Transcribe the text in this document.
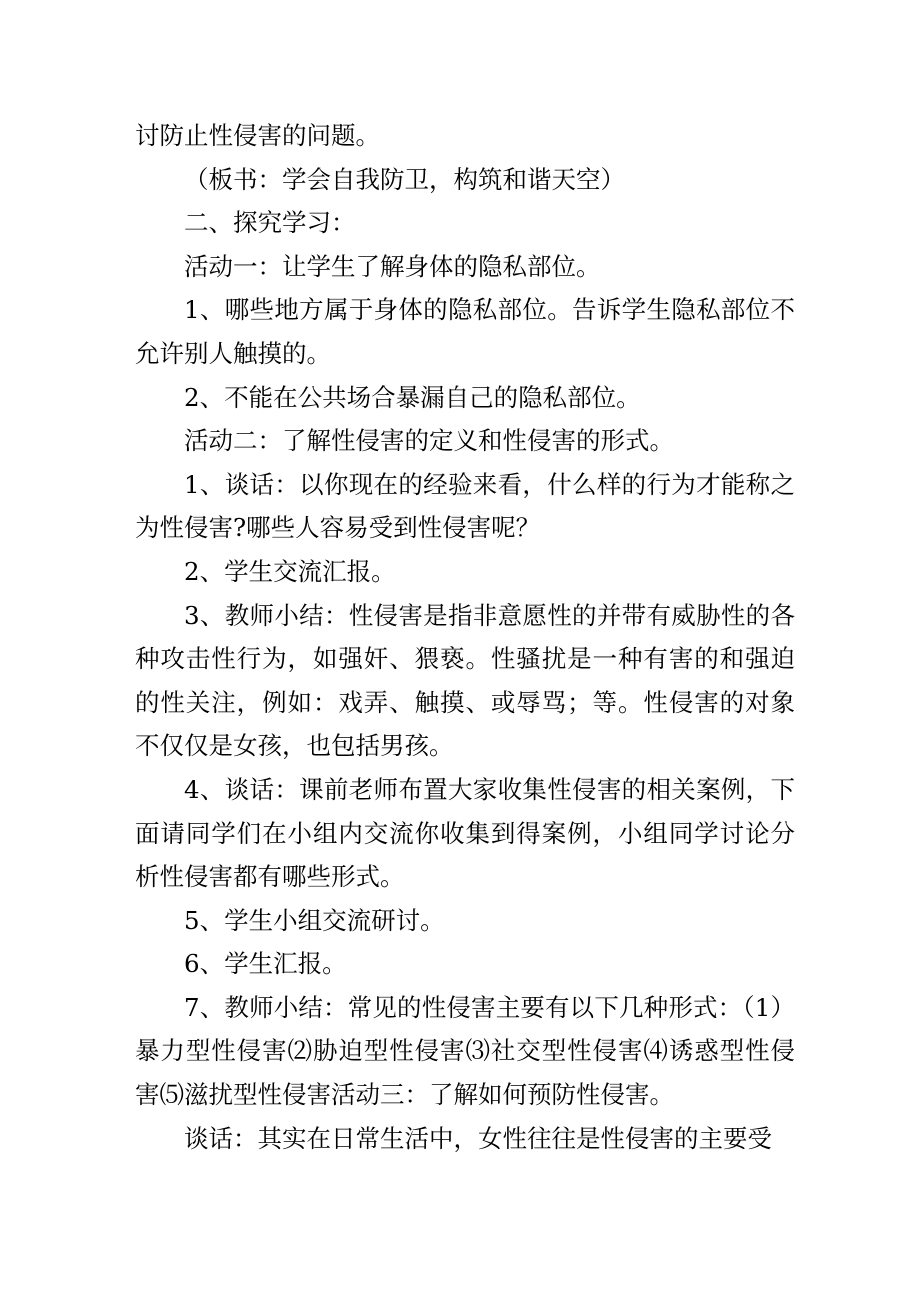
讨防止性侵害的问题。

（板书：学会自我防卫，构筑和谐天空）

二、探究学习：

活动一：让学生了解身体的隐私部位。

1、哪些地方属于身体的隐私部位。告诉学生隐私部位不允许别人触摸的。

2、不能在公共场合暴漏自己的隐私部位。

活动二：了解性侵害的定义和性侵害的形式。

1、谈话：以你现在的经验来看，什么样的行为才能称之为性侵害?哪些人容易受到性侵害呢？

2、学生交流汇报。

3、教师小结：性侵害是指非意愿性的并带有威胁性的各种攻击性行为，如强奸、猥亵。性骚扰是一种有害的和强迫的性关注，例如：戏弄、触摸、或辱骂；等。性侵害的对象不仅仅是女孩，也包括男孩。

4、谈话：课前老师布置大家收集性侵害的相关案例，下面请同学们在小组内交流你收集到得案例，小组同学讨论分析性侵害都有哪些形式。

5、学生小组交流研讨。

6、学生汇报。

7、教师小结：常见的性侵害主要有以下几种形式：（1）暴力型性侵害⑵胁迫型性侵害⑶社交型性侵害⑷诱惑型性侵害⑸滋扰型性侵害活动三：了解如何预防性侵害。

谈话：其实在日常生活中，女性往往是性侵害的主要受
